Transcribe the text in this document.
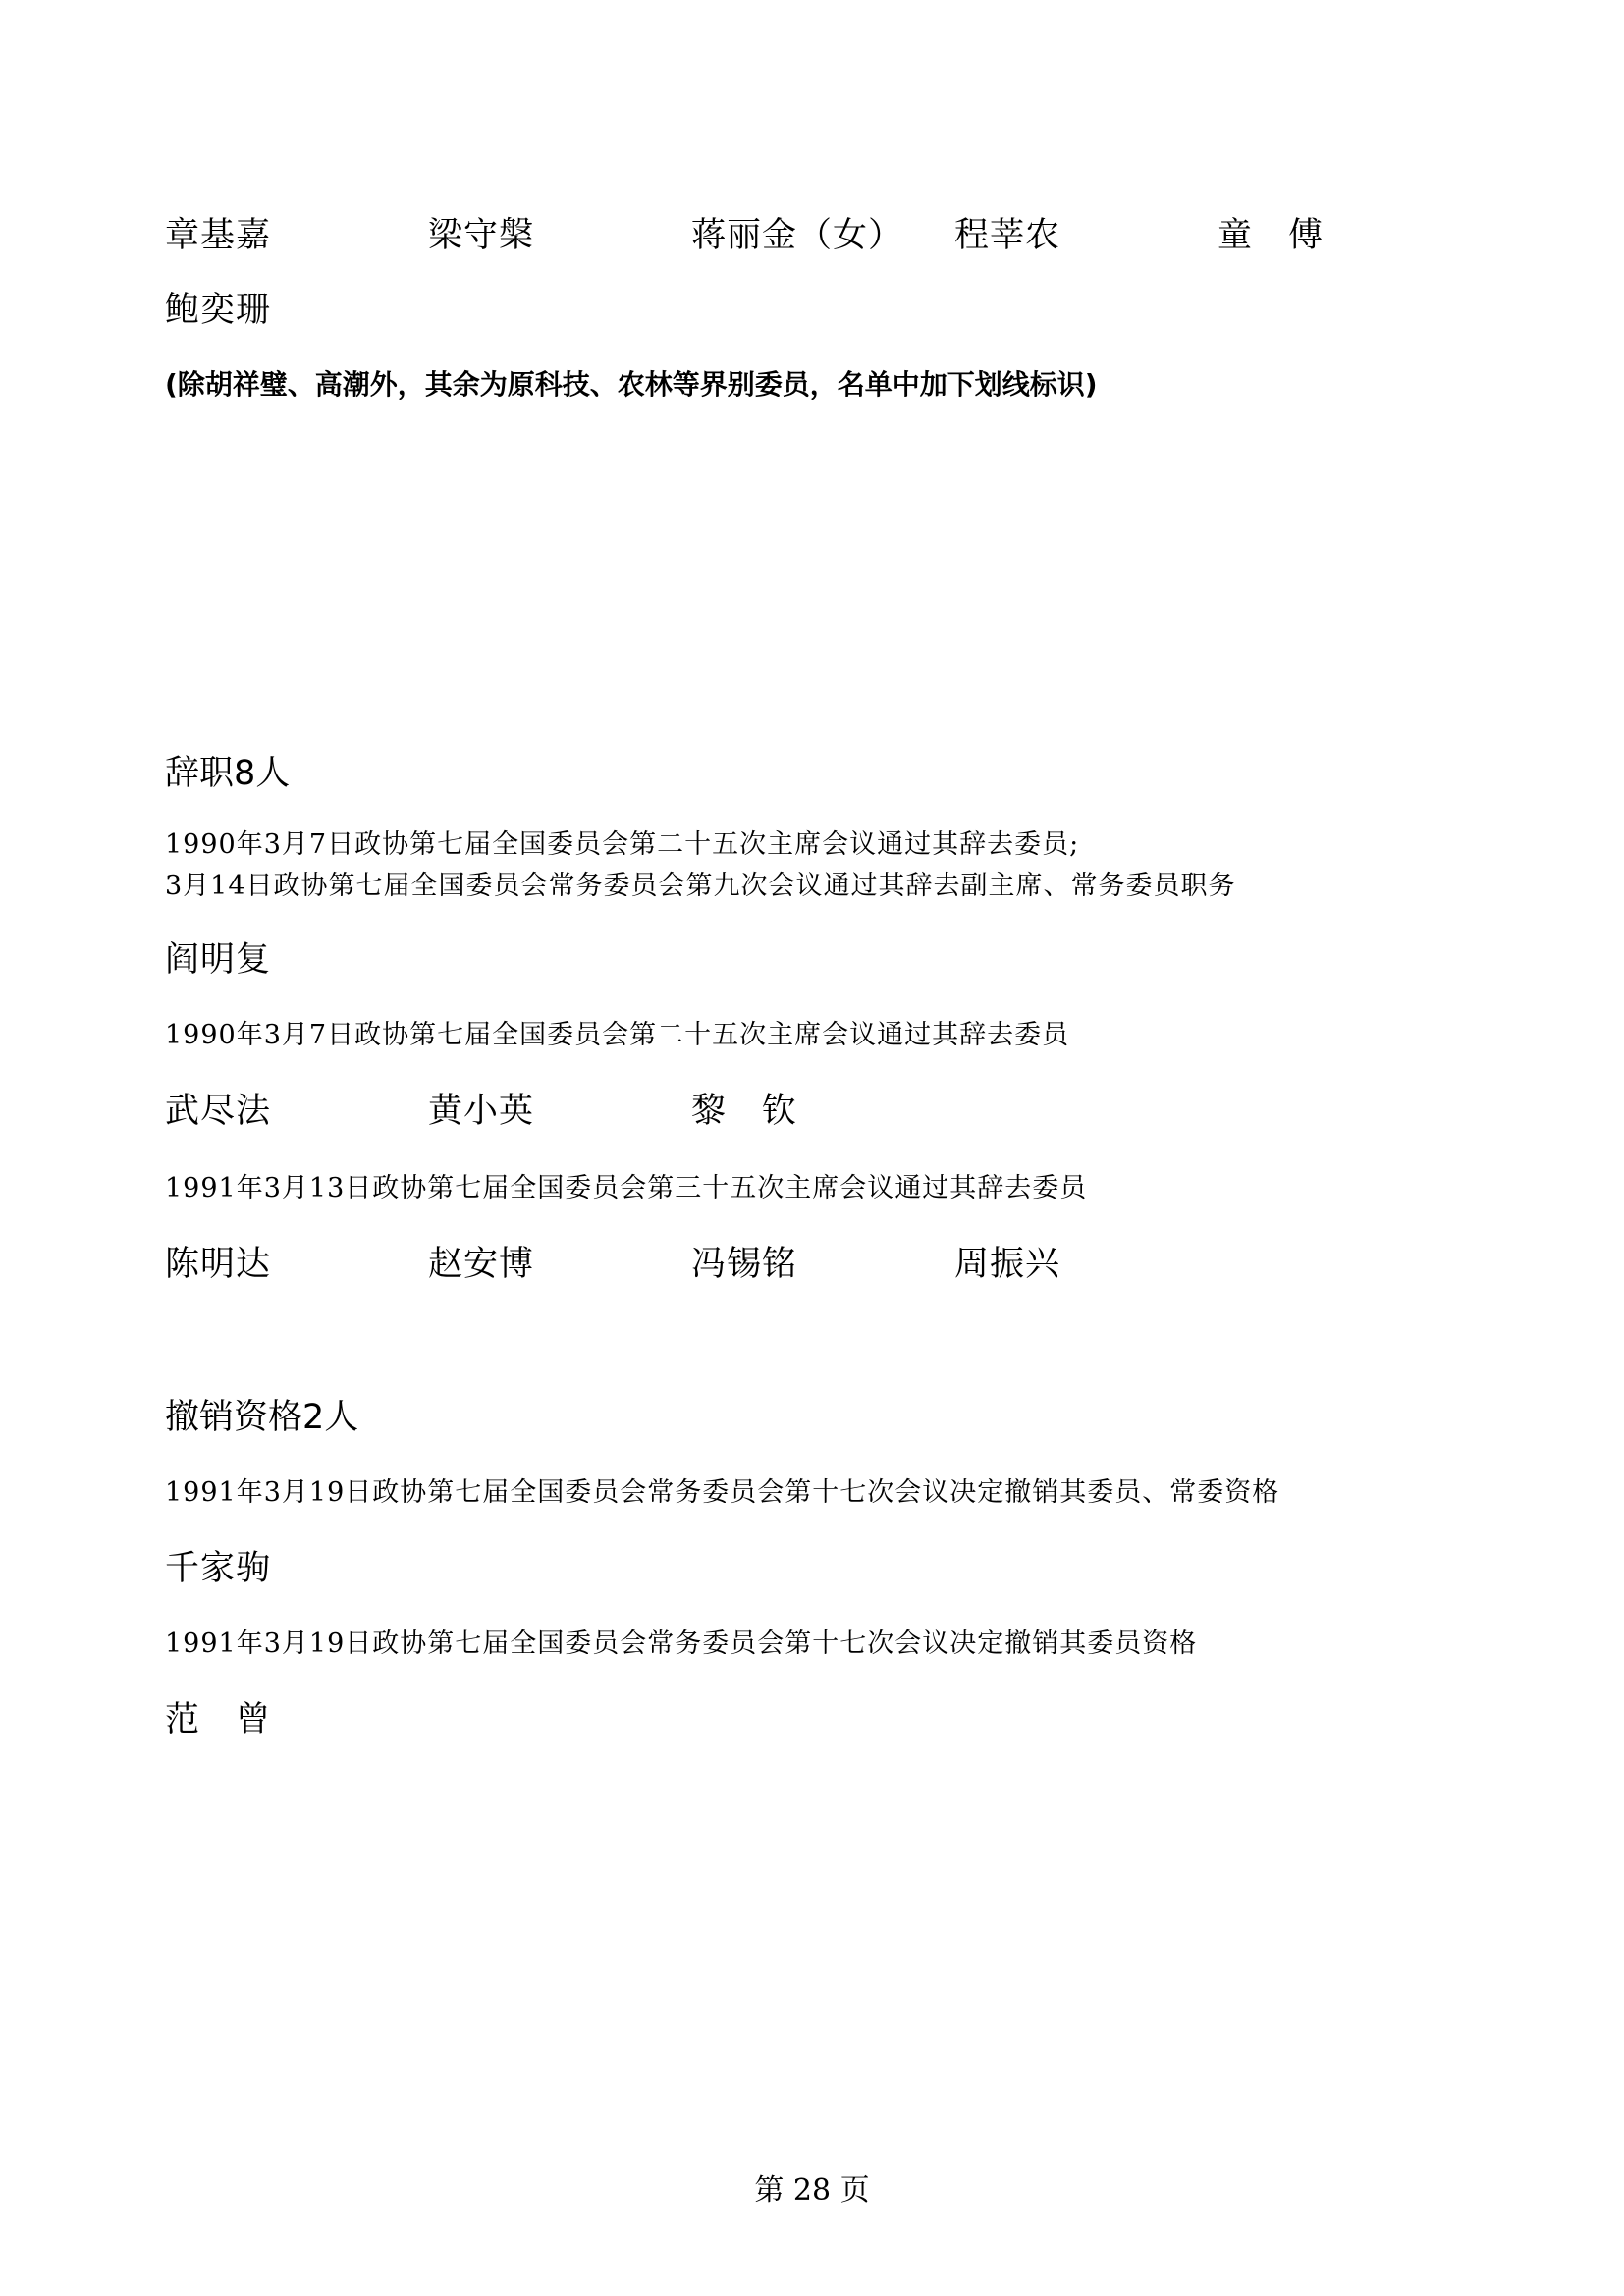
章基嘉	梁守槃	蒋丽金（女） 程莘农	童　傅
鲍奕珊
(除胡祥璧、高潮外，其余为原科技、农林等界别委员，名单中加下划线标识)
辞职8人
1990年3月7日政协第七届全国委员会第二十五次主席会议通过其辞去委员;
3月14日政协第七届全国委员会常务委员会第九次会议通过其辞去副主席、常务委员职务
阎明复
1990年3月7日政协第七届全国委员会第二十五次主席会议通过其辞去委员
武尽法	黄小英	黎　钦
1991年3月13日政协第七届全国委员会第三十五次主席会议通过其辞去委员
陈明达	赵安博	冯锡铭	周振兴
撤销资格2人
1991年3月19日政协第七届全国委员会常务委员会第十七次会议决定撤销其委员、常委资格
千家驹
1991年3月19日政协第七届全国委员会常务委员会第十七次会议决定撤销其委员资格
范　曾
第 28 页
